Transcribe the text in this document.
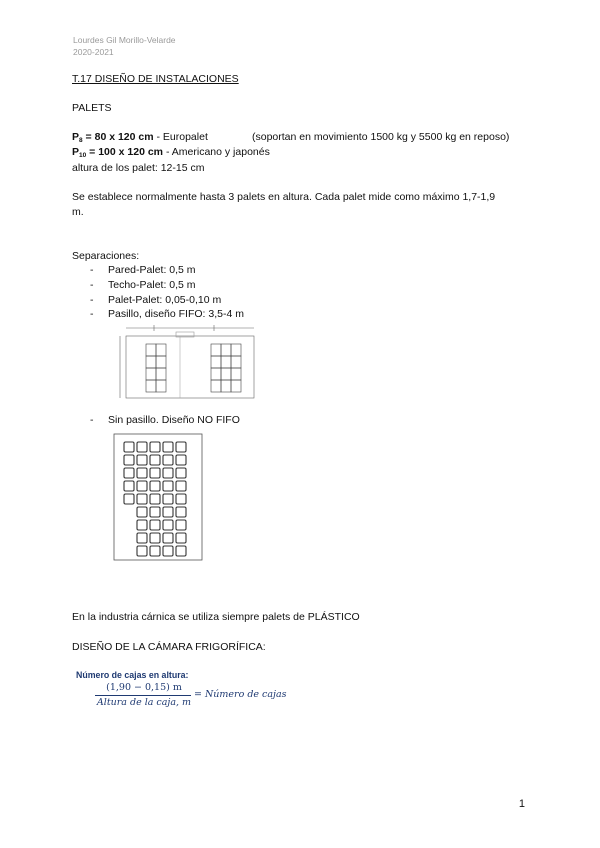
Lourdes Gil Morillo-Velarde
2020-2021
T.17 DISEÑO DE INSTALACIONES
PALETS
$P_8 = 80$ x 120 cm - Europalet	(soportan en movimiento 1500 kg y 5500 kg en reposo)
$P_{10} = 100$ x 120 cm - Americano y japonés
altura de los palet: 12-15 cm
Se establece normalmente hasta 3 palets en altura. Cada palet mide como máximo 1,7-1,9
m.
Separaciones:
- Pared-Palet: 0,5 m
- Techo-Palet: 0,5 m
- Palet-Palet: 0,05-0,10 m
- Pasillo, diseño FIFO: 3,5-4 m
- Sin pasillo. Diseño NO FIFO
En la industria cárnica se utiliza siempre palets de PLÁSTICO
DISEÑO DE LA CÁMARA FRIGORÍFICA:
Número de cajas en altura:
(1,90 − 0,15) m
Altura de la caja, m
= Número de cajas
1
